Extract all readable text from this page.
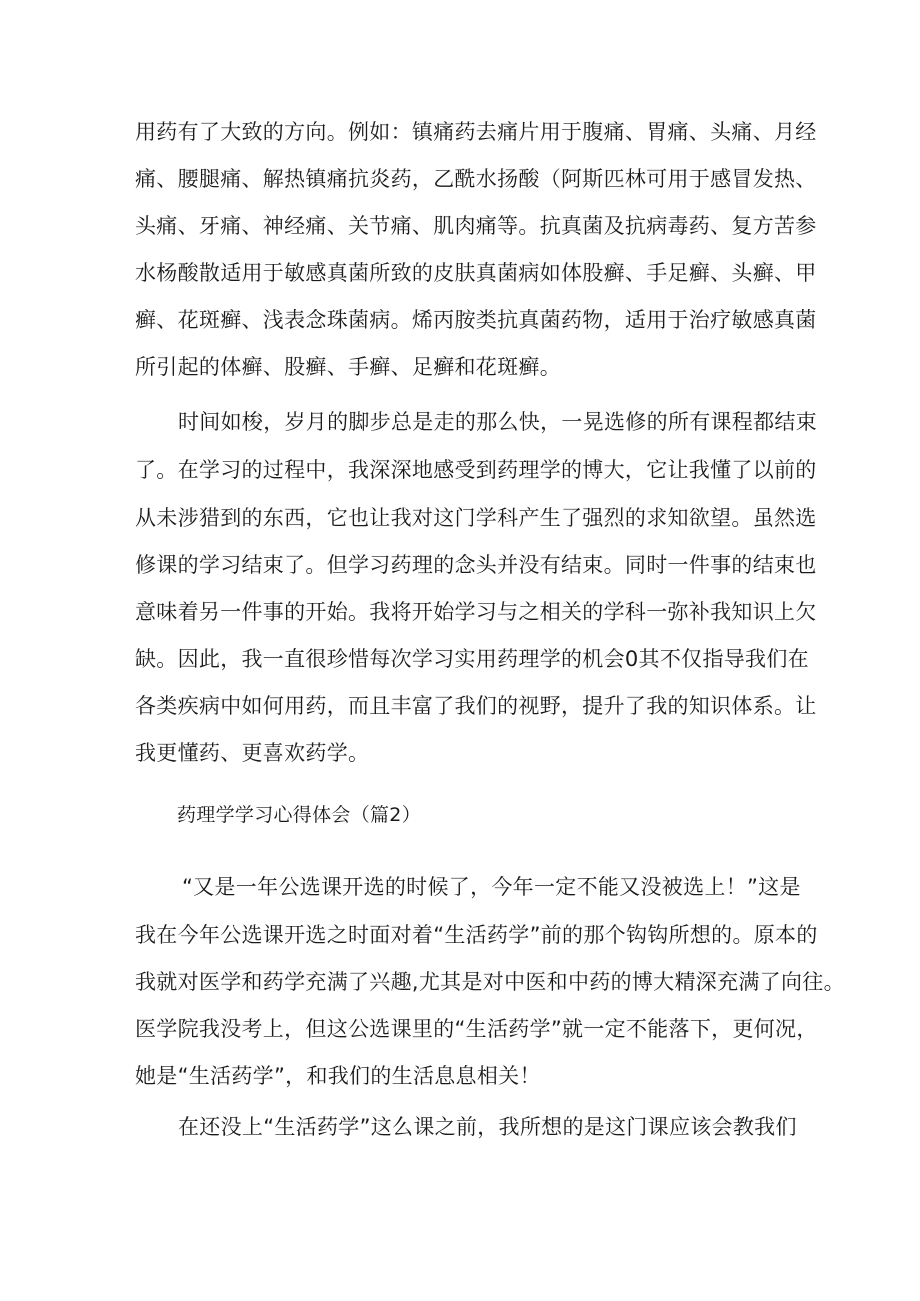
用药有了大致的方向。例如：镇痛药去痛片用于腹痛、胃痛、头痛、月经
痛、腰腿痛、解热镇痛抗炎药，乙酰水扬酸（阿斯匹林可用于感冒发热、
头痛、牙痛、神经痛、关节痛、肌肉痛等。抗真菌及抗病毒药、复方苦参
水杨酸散适用于敏感真菌所致的皮肤真菌病如体股癣、手足癣、头癣、甲
癣、花斑癣、浅表念珠菌病。烯丙胺类抗真菌药物，适用于治疗敏感真菌
所引起的体癣、股癣、手癣、足癣和花斑癣。
时间如梭，岁月的脚步总是走的那么快，一晃选修的所有课程都结束
了。在学习的过程中，我深深地感受到药理学的博大，它让我懂了以前的
从未涉猎到的东西，它也让我对这门学科产生了强烈的求知欲望。虽然选
修课的学习结束了。但学习药理的念头并没有结束。同时一件事的结束也
意味着另一件事的开始。我将开始学习与之相关的学科一弥补我知识上欠
缺。因此，我一直很珍惜每次学习实用药理学的机会0其不仅指导我们在
各类疾病中如何用药，而且丰富了我们的视野，提升了我的知识体系。让
我更懂药、更喜欢药学。
药理学学习心得体会（篇2）
“又是一年公选课开选的时候了，今年一定不能又没被选上！”这是
我在今年公选课开选之时面对着“生活药学”前的那个钩钩所想的。原本的
我就对医学和药学充满了兴趣,尤其是对中医和中药的博大精深充满了向往。
医学院我没考上，但这公选课里的“生活药学”就一定不能落下，更何况，
她是“生活药学”，和我们的生活息息相关！
在还没上“生活药学”这么课之前，我所想的是这门课应该会教我们
